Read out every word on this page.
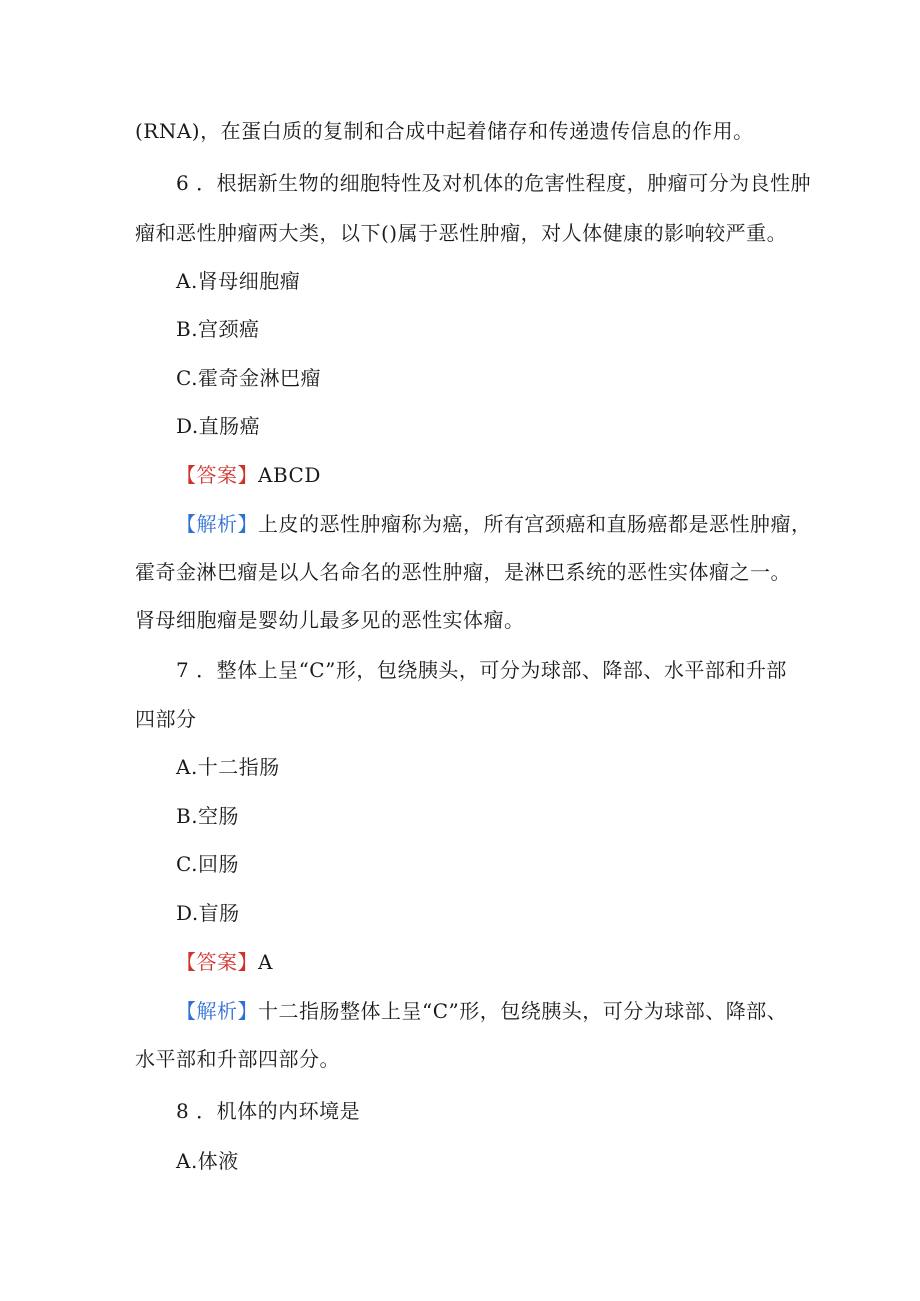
(RNA)，在蛋白质的复制和合成中起着储存和传递遗传信息的作用。
6 ．根据新生物的细胞特性及对机体的危害性程度，肿瘤可分为良性肿
瘤和恶性肿瘤两大类，以下()属于恶性肿瘤，对人体健康的影响较严重。
A.肾母细胞瘤
B.宫颈癌
C.霍奇金淋巴瘤
D.直肠癌
【答案】ABCD
【解析】上皮的恶性肿瘤称为癌，所有宫颈癌和直肠癌都是恶性肿瘤，
霍奇金淋巴瘤是以人名命名的恶性肿瘤，是淋巴系统的恶性实体瘤之一。
肾母细胞瘤是婴幼儿最多见的恶性实体瘤。
7 ．整体上呈“C”形，包绕胰头，可分为球部、降部、水平部和升部
四部分
A.十二指肠
B.空肠
C.回肠
D.盲肠
【答案】A
【解析】十二指肠整体上呈“C”形，包绕胰头，可分为球部、降部、
水平部和升部四部分。
8 ．机体的内环境是
A.体液
